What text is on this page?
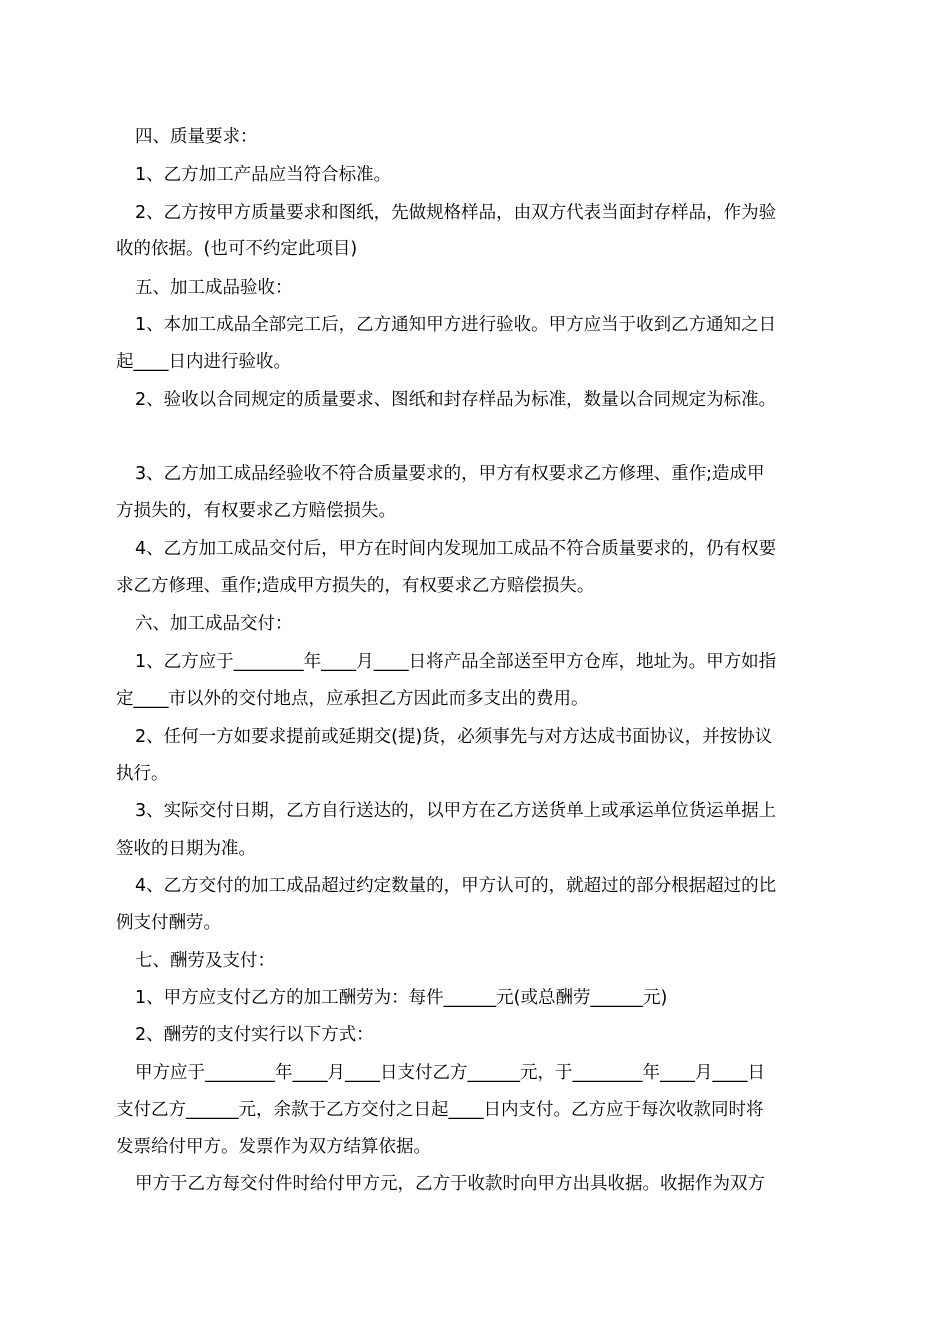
四、质量要求：
1、乙方加工产品应当符合标准。
2、乙方按甲方质量要求和图纸，先做规格样品，由双方代表当面封存样品，作为验
收的依据。(也可不约定此项目)
五、加工成品验收：
1、本加工成品全部完工后，乙方通知甲方进行验收。甲方应当于收到乙方通知之日
起____日内进行验收。
2、验收以合同规定的质量要求、图纸和封存样品为标准，数量以合同规定为标准。
3、乙方加工成品经验收不符合质量要求的，甲方有权要求乙方修理、重作;造成甲
方损失的，有权要求乙方赔偿损失。
4、乙方加工成品交付后，甲方在时间内发现加工成品不符合质量要求的，仍有权要
求乙方修理、重作;造成甲方损失的，有权要求乙方赔偿损失。
六、加工成品交付：
1、乙方应于________年____月____日将产品全部送至甲方仓库，地址为。甲方如指
定____市以外的交付地点，应承担乙方因此而多支出的费用。
2、任何一方如要求提前或延期交(提)货，必须事先与对方达成书面协议，并按协议
执行。
3、实际交付日期，乙方自行送达的，以甲方在乙方送货单上或承运单位货运单据上
签收的日期为准。
4、乙方交付的加工成品超过约定数量的，甲方认可的，就超过的部分根据超过的比
例支付酬劳。
七、酬劳及支付：
1、甲方应支付乙方的加工酬劳为：每件______元(或总酬劳______元)
2、酬劳的支付实行以下方式：
甲方应于________年____月____日支付乙方______元，于________年____月____日
支付乙方______元，余款于乙方交付之日起____日内支付。乙方应于每次收款同时将
发票给付甲方。发票作为双方结算依据。
甲方于乙方每交付件时给付甲方元，乙方于收款时向甲方出具收据。收据作为双方
